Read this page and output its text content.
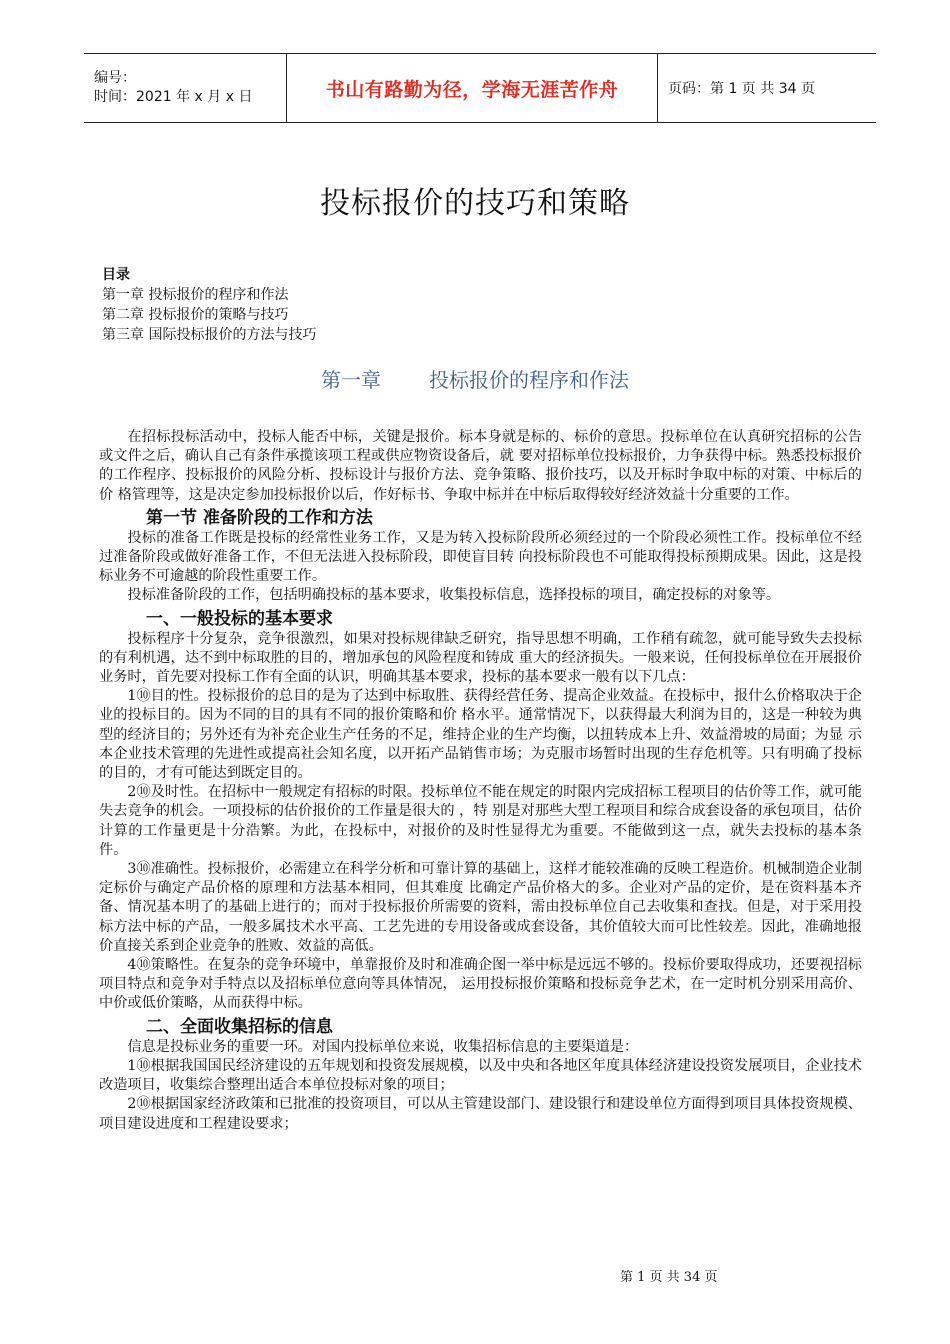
编号：
时间：2021 年 x 月 x 日	书山有路勤为径，学海无涯苦作舟	页码：第 1 页 共 34 页
投标报价的技巧和策略
目录
第一章 投标报价的程序和作法
第二章 投标报价的策略与技巧
第三章 国际投标报价的方法与技巧
第一章 投标报价的程序和作法

在招标投标活动中，投标人能否中标，关键是报价。标本身就是标的、标价的意思。投标单位在认真研究招标的公告或文件之后，确认自己有条件承揽该项工程或供应物资设备后，就 要对招标单位投标报价，力争获得中标。熟悉投标报价的工作程序、投标报价的风险分析、投标设计与报价方法、竞争策略、报价技巧，以及开标时争取中标的对策、中标后的价 格管理等，这是决定参加投标报价以后，作好标书、争取中标并在中标后取得较好经济效益十分重要的工作。

第一节 准备阶段的工作和方法

投标的准备工作既是投标的经常性业务工作，又是为转入投标阶段所必须经过的一个阶段必须性工作。投标单位不经过准备阶段或做好准备工作，不但无法进入投标阶段，即使盲目转 向投标阶段也不可能取得投标预期成果。因此，这是投标业务不可逾越的阶段性重要工作。

投标准备阶段的工作，包括明确投标的基本要求，收集投标信息，选择投标的项目，确定投标的对象等。

一、一般投标的基本要求

投标程序十分复杂，竞争很激烈，如果对投标规律缺乏研究，指导思想不明确，工作稍有疏忽，就可能导致失去投标的有利机遇，达不到中标取胜的目的，增加承包的风险程度和铸成 重大的经济损失。一般来说，任何投标单位在开展报价业务时，首先要对投标工作有全面的认识，明确其基本要求，投标的基本要求一般有以下几点：

1⑩目的性。投标报价的总目的是为了达到中标取胜、获得经营任务、提高企业效益。在投标中，报什么价格取决于企业的投标目的。因为不同的目的具有不同的报价策略和价 格水平。通常情况下，以获得最大利润为目的，这是一种较为典型的经济目的；另外还有为补充企业生产任务的不足，维持企业的生产均衡，以扭转成本上升、效益滑坡的局面；为显 示本企业技术管理的先进性或提高社会知名度，以开拓产品销售市场；为克服市场暂时出现的生存危机等。只有明确了投标的目的，才有可能达到既定目的。

2⑩及时性。在招标中一般规定有招标的时限。投标单位不能在规定的时限内完成招标工程项目的估价等工作，就可能失去竞争的机会。一项投标的估价报价的工作量是很大的 ，特 别是对那些大型工程项目和综合成套设备的承包项目，估价计算的工作量更是十分浩繁。为此，在投标中，对报价的及时性显得尤为重要。不能做到这一点，就失去投标的基本条件。

3⑩准确性。投标报价，必需建立在科学分析和可靠计算的基础上，这样才能较准确的反映工程造价。机械制造企业制定标价与确定产品价格的原理和方法基本相同，但其难度 比确定产品价格大的多。企业对产品的定价，是在资料基本齐备、情况基本明了的基础上进行的；而对于投标报价所需要的资料，需由投标单位自己去收集和查找。但是，对于采用投 标方法中标的产品，一般多属技术水平高、工艺先进的专用设备或成套设备，其价值较大而可比性较差。因此，准确地报价直接关系到企业竞争的胜败、效益的高低。

4⑩策略性。在复杂的竞争环境中，单靠报价及时和准确企图一举中标是远远不够的。投标价要取得成功，还要视招标项目特点和竞争对手特点以及招标单位意向等具体情况， 运用投标报价策略和投标竞争艺术，在一定时机分别采用高价、中价或低价策略，从而获得中标。

二、全面收集招标的信息

信息是投标业务的重要一环。对国内投标单位来说，收集招标信息的主要渠道是：

1⑩根据我国国民经济建设的五年规划和投资发展规模，以及中央和各地区年度具体经济建设投资发展项目，企业技术改造项目，收集综合整理出适合本单位投标对象的项目；

2⑩根据国家经济政策和已批准的投资项目，可以从主管建设部门、建设银行和建设单位方面得到项目具体投资规模、项目建设进度和工程建设要求；

第 1 页 共 34 页
